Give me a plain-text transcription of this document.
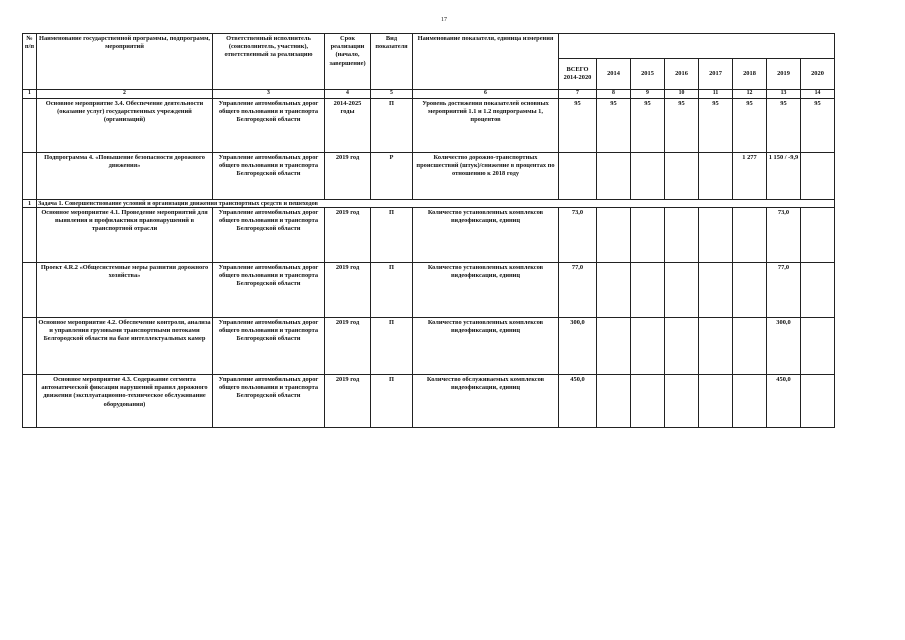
17
№ п/п	Наименование государственной программы, подпрограмм, мероприятий	Ответственный исполнитель (соисполнитель, участник), ответственный за реализацию	Срок реализации (начало, завершение)	Вид показателя	Наименование показателя, единица измерения								
						ВСЕГО 2014-2020	2014	2015	2016	2017	2018	2019	2020
1	2	3	4	5	6	7	8	9	10	11	12	13	14
	Основное мероприятие 3.4. Обеспечение деятельности (оказание услуг) государственных учреждений (организаций)	Управление автомобильных дорог общего пользования и транспорта Белгородской области	2014-2025 годы	П	Уровень достижения показателей основных мероприятий 1.1 и 1.2 подпрограммы 1, процентов	95	95	95	95	95	95	95	95
	Подпрограмма 4. «Повышение безопасности дорожного движения»	Управление автомобильных дорог общего пользования и транспорта Белгородской области	2019 год	Р	Количество дорожно-транспортных происшествий (штук)/снижение в процентах по отношению к 2018 году						1 277	1 150 / -9,9	
1	Задача 1. Совершенствование условий и организации движения транспортных средств и пешеходов												
	Основное мероприятие 4.1. Проведение мероприятий для выявления и профилактики правонарушений в транспортной отрасли	Управление автомобильных дорог общего пользования и транспорта Белгородской области	2019 год	П	Количество установленных комплексов видеофиксации, единиц	73,0						73,0	
	Проект 4.R.2 «Общесистемные меры развития дорожного хозяйства»	Управление автомобильных дорог общего пользования и транспорта Белгородской области	2019 год	П	Количество установленных комплексов видеофиксации, единиц	77,0						77,0	
	Основное мероприятие 4.2. Обеспечение контроля, анализа и управления грузовыми транспортными потоками Белгородской области на базе интеллектуальных камер	Управление автомобильных дорог общего пользования и транспорта Белгородской области	2019 год	П	Количество установленных комплексов видеофиксации, единиц	300,0						300,0	
	Основное мероприятие 4.3. Содержание сегмента автоматической фиксации нарушений правил дорожного движения (эксплуатационно-техническое обслуживание оборудования)	Управление автомобильных дорог общего пользования и транспорта Белгородской области	2019 год	П	Количество обслуживаемых комплексов видеофиксации, единиц	450,0						450,0	
